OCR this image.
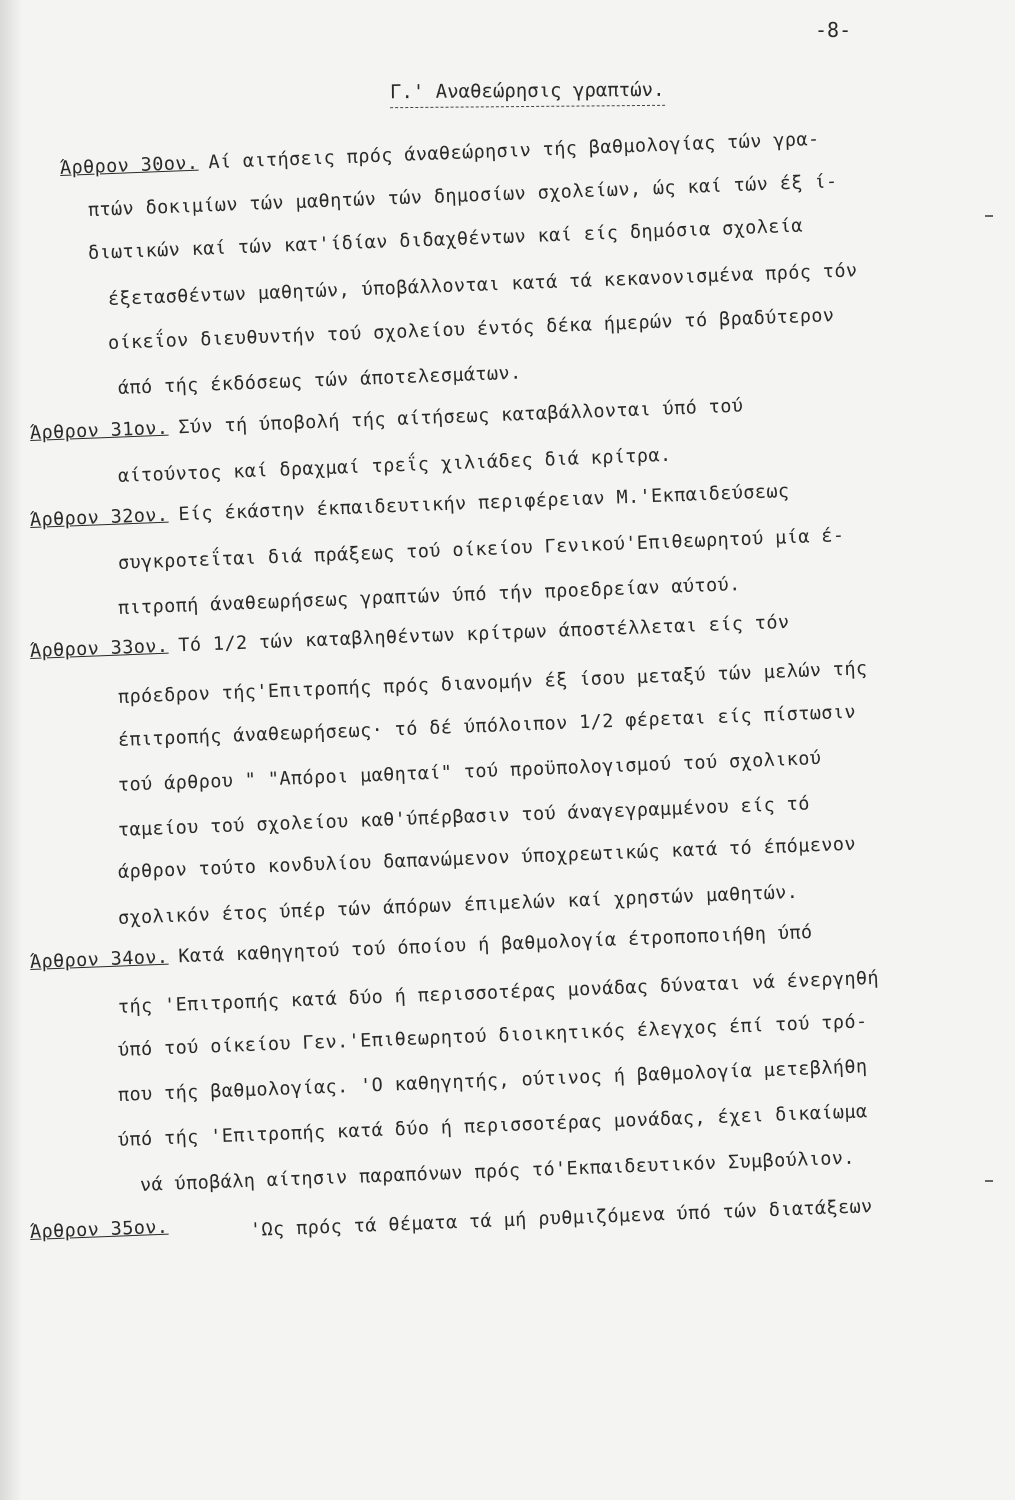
-8-
Γ.' Αναθεώρησις γραπτών.
Άρθρον 30ον. Αί αιτήσεις πρός άναθεώρησιν τής βαθμολογίας τών γρα-
πτών δοκιμίων τών μαθητών τών δημοσίων σχολείων, ώς καί τών έξ ί-
διωτικών καί τών κατ'ίδίαν διδαχθέντων καί είς δημόσια σχολεία
έξετασθέντων μαθητών, ύποβάλλονται κατά τά κεκανονισμένα πρός τόν
οίκεΐον διευθυντήν τού σχολείου έντός δέκα ήμερών τό βραδύτερον
άπό τής έκδόσεως τών άποτελεσμάτων.
Άρθρον 31ον. Σύν τή ύποβολή τής αίτήσεως καταβάλλονται ύπό τού
αίτούντος καί δραχμαί τρεΐς χιλιάδες διά κρίτρα.
Άρθρον 32ον. Είς έκάστην έκπαιδευτικήν περιφέρειαν Μ.'Εκπαιδεύσεως
συγκροτεΐται διά πράξεως τού οίκείου Γενικού'Επιθεωρητού μία έ-
πιτροπή άναθεωρήσεως γραπτών ύπό τήν προεδρείαν αύτού.
Άρθρον 33ον. Τό 1/2 τών καταβληθέντων κρίτρων άποστέλλεται είς τόν
πρόεδρον τής'Επιτροπής πρός διανομήν έξ ίσου μεταξύ τών μελών τής
έπιτροπής άναθεωρήσεως· τό δέ ύπόλοιπον 1/2 φέρεται είς πίστωσιν
τού άρθρου " "Απόροι μαθηταί" τού προϋπολογισμού τού σχολικού
ταμείου τού σχολείου καθ'ύπέρβασιν τού άναγεγραμμένου είς τό
άρθρον τούτο κονδυλίου δαπανώμενον ύποχρεωτικώς κατά τό έπόμενον
σχολικόν έτος ύπέρ τών άπόρων έπιμελών καί χρηστών μαθητών.
Άρθρον 34ον. Κατά καθηγητού τού όποίου ή βαθμολογία έτροποποιήθη ύπό
τής 'Επιτροπής κατά δύο ή περισσοτέρας μονάδας δύναται νά ένεργηθή
ύπό τού οίκείου Γεν.'Επιθεωρητού διοικητικός έλεγχος έπί τού τρό-
που τής βαθμολογίας. 'Ο καθηγητής, ούτινος ή βαθμολογία μετεβλήθη
ύπό τής 'Επιτροπής κατά δύο ή περισσοτέρας μονάδας, έχει δικαίωμα
νά ύποβάλη αίτησιν παραπόνων πρός τό'Εκπαιδευτικόν Συμβούλιον.
'Ως πρός τά θέματα τά μή ρυθμιζόμενα ύπό τών διατάξεων
Άρθρον 35ον.
